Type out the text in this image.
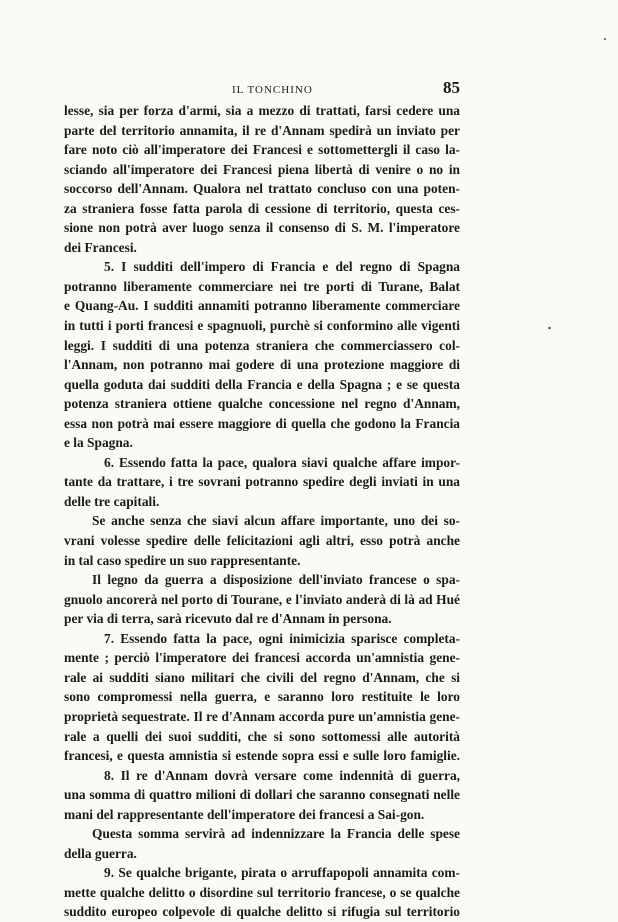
IL TONCHINO	85
lesse, sia per forza d'armi, sia a mezzo di trattati, farsi cedere una
parte del territorio annamita, il re d'Annam spedirà un inviato per
fare noto ciò all'imperatore dei Francesi e sottomettergli il caso la-
sciando all'imperatore dei Francesi piena libertà di venire o no in
soccorso dell'Annam. Qualora nel trattato concluso con una poten-
za straniera fosse fatta parola di cessione di territorio, questa ces-
sione non potrà aver luogo senza il consenso di S. M. l'imperatore
dei Francesi.
5. I sudditi dell'impero di Francia e del regno di Spagna
potranno liberamente commerciare nei tre porti di Turane, Balat
e Quang-Au. I sudditi annamiti potranno liberamente commerciare
in tutti i porti francesi e spagnuoli, purchè si conformino alle vigenti
leggi. I sudditi di una potenza straniera che commerciassero col-
l'Annam, non potranno mai godere di una protezione maggiore di
quella goduta dai sudditi della Francia e della Spagna ; e se questa
potenza straniera ottiene qualche concessione nel regno d'Annam,
essa non potrà mai essere maggiore di quella che godono la Francia
e la Spagna.
6. Essendo fatta la pace, qualora siavi qualche affare impor-
tante da trattare, i tre sovrani potranno spedire degli inviati in una
delle tre capitali.
Se anche senza che siavi alcun affare importante, uno dei so-
vrani volesse spedire delle felicitazioni agli altri, esso potrà anche
in tal caso spedire un suo rappresentante.
Il legno da guerra a disposizione dell'inviato francese o spa-
gnuolo ancorerà nel porto di Tourane, e l'inviato anderà di là ad Hué
per via di terra, sarà ricevuto dal re d'Annam in persona.
7. Essendo fatta la pace, ogni inimicizia sparisce completa-
mente ; perciò l'imperatore dei francesi accorda un'amnistia gene-
rale ai sudditi siano militari che civili del regno d'Annam, che si
sono compromessi nella guerra, e saranno loro restituite le loro
proprietà sequestrate. Il re d'Annam accorda pure un'amnistia gene-
rale a quelli dei suoi sudditi, che si sono sottomessi alle autorità
francesi, e questa amnistia si estende sopra essi e sulle loro famiglie.
8. Il re d'Annam dovrà versare come indennità di guerra,
una somma di quattro milioni di dollari che saranno consegnati nelle
mani del rappresentante dell'imperatore dei francesi a Sai-gon.
Questa somma servirà ad indennizzare la Francia delle spese
della guerra.
9. Se qualche brigante, pirata o arruffapopoli annamita com-
mette qualche delitto o disordine sul territorio francese, o se qualche
suddito europeo colpevole di qualche delitto si rifugia sul territorio
